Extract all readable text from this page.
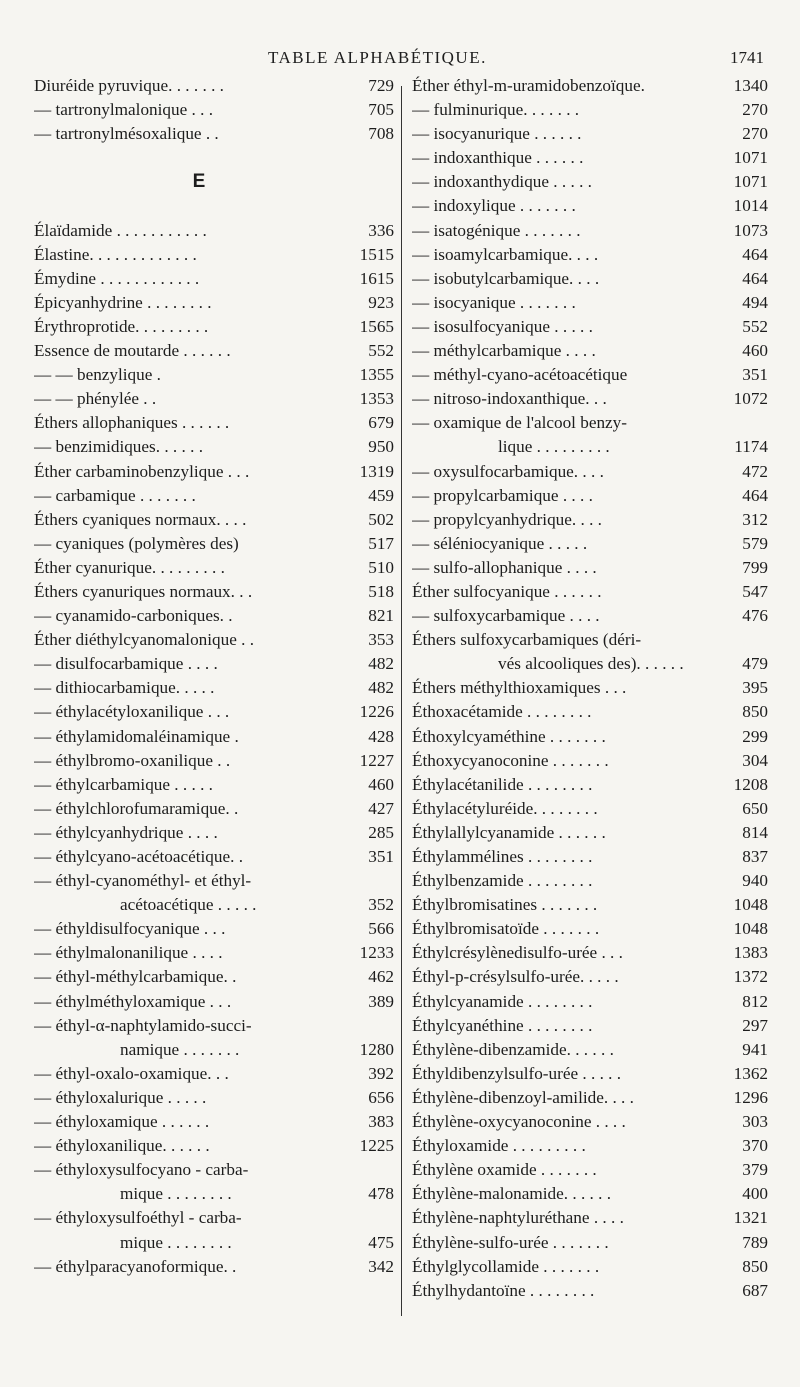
TABLE ALPHABÉTIQUE.	1741
Diuréide pyruvique. . . . . . .	729
— tartronylmalonique . . .	705
— tartronylmésoxalique . .	708
E
Élaïdamide . . . . . . . . . . .	336
Élastine. . . . . . . . . . . . .	1515
Émydine . . . . . . . . . . . .	1615
Épicyanhydrine . . . . . . . .	923
Érythroprotide. . . . . . . . .	1565
Essence de moutarde . . . . . .	552
— — benzylique .	1355
— — phénylée . .	1353
Éthers allophaniques . . . . . .	679
— benzimidiques. . . . . .	950
Éther carbaminobenzylique . . .	1319
— carbamique . . . . . . .	459
Éthers cyaniques normaux. . . .	502
— cyaniques (polymères des)	517
Éther cyanurique. . . . . . . . .	510
Éthers cyanuriques normaux. . .	518
— cyanamido-carboniques. .	821
Éther diéthylcyanomalonique . .	353
— disulfocarbamique . . . .	482
— dithiocarbamique. . . . .	482
— éthylacétyloxanilique . . .	1226
— éthylamidomaléinamique .	428
— éthylbromo-oxanilique . .	1227
— éthylcarbamique . . . . .	460
— éthylchlorofumaramique. .	427
— éthylcyanhydrique . . . .	285
— éthylcyano-acétoacétique. .	351
— éthyl-cyanométhyl- et éthyl-
acétoacétique . . . . .	352
— éthyldisulfocyanique . . .	566
— éthylmalonanilique . . . .	1233
— éthyl-méthylcarbamique. .	462
— éthylméthyloxamique . . .	389
— éthyl-α-naphtylamido-succi-
namique . . . . . . .	1280
— éthyl-oxalo-oxamique. . .	392
— éthyloxalurique . . . . .	656
— éthyloxamique . . . . . .	383
— éthyloxanilique. . . . . .	1225
— éthyloxysulfocyano - carba-
mique . . . . . . . .	478
— éthyloxysulfoéthyl - carba-
mique . . . . . . . .	475
— éthylparacyanoformique. .	342
Éther éthyl-m-uramidobenzoïque.	1340
— fulminurique. . . . . . .	270
— isocyanurique . . . . . .	270
— indoxanthique . . . . . .	1071
— indoxanthydique . . . . .	1071
— indoxylique . . . . . . .	1014
— isatogénique . . . . . . .	1073
— isoamylcarbamique. . . .	464
— isobutylcarbamique. . . .	464
— isocyanique . . . . . . .	494
— isosulfocyanique . . . . .	552
— méthylcarbamique . . . .	460
— méthyl-cyano-acétoacétique	351
— nitroso-indoxanthique. . .	1072
— oxamique de l'alcool benzy-
lique . . . . . . . . .	1174
— oxysulfocarbamique. . . .	472
— propylcarbamique . . . .	464
— propylcyanhydrique. . . .	312
— séléniocyanique . . . . .	579
— sulfo-allophanique . . . .	799
Éther sulfocyanique . . . . . .	547
— sulfoxycarbamique . . . .	476
Éthers sulfoxycarbamiques (déri-
vés alcooliques des). . . . . .	479
Éthers méthylthioxamiques . . .	395
Éthoxacétamide . . . . . . . .	850
Éthoxylcyaméthine . . . . . . .	299
Éthoxycyanoconine . . . . . . .	304
Éthylacétanilide . . . . . . . .	1208
Éthylacétyluréide. . . . . . . .	650
Éthylallylcyanamide . . . . . .	814
Éthylammélines . . . . . . . .	837
Éthylbenzamide . . . . . . . .	940
Éthylbromisatines . . . . . . .	1048
Éthylbromisatoïde . . . . . . .	1048
Éthylcrésylènedisulfo-urée . . .	1383
Éthyl-p-crésylsulfo-urée. . . . .	1372
Éthylcyanamide . . . . . . . .	812
Éthylcyanéthine . . . . . . . .	297
Éthylène-dibenzamide. . . . . .	941
Éthyldibenzylsulfo-urée . . . . .	1362
Éthylène-dibenzoyl-amilide. . . .	1296
Éthylène-oxycyanoconine . . . .	303
Éthyloxamide . . . . . . . . .	370
Éthylène oxamide . . . . . . .	379
Éthylène-malonamide. . . . . .	400
Éthylène-naphtyluréthane . . . .	1321
Éthylène-sulfo-urée . . . . . . .	789
Éthylglycollamide . . . . . . .	850
Éthylhydantoïne . . . . . . . .	687
